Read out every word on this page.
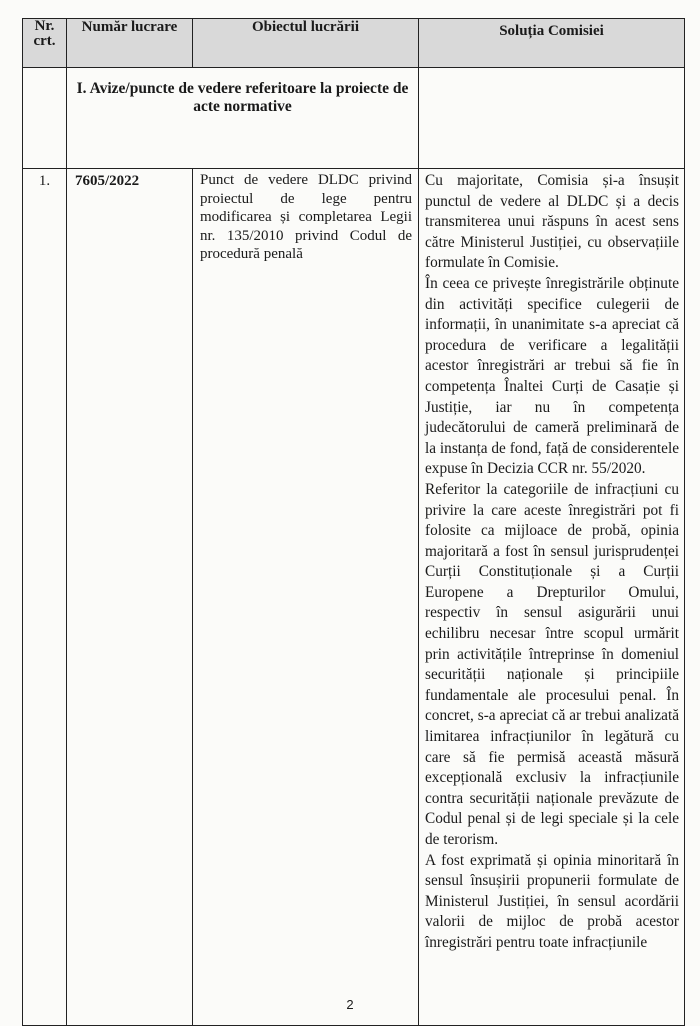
Nr. crt.	Număr lucrare	Obiectul lucrării	Soluția Comisiei
	I. Avize/puncte de vedere referitoare la proiecte de acte normative		
1.	7605/2022	Punct de vedere DLDC privind proiectul de lege pentru modificarea și completarea Legii nr. 135/2010 privind Codul de procedură penală	Cu majoritate, Comisia și-a însușit punctul de vedere al DLDC și a decis transmiterea unui răspuns în acest sens către Ministerul Justiției, cu observațiile formulate în Comisie.

În ceea ce privește înregistrările obținute din activități specifice culegerii de informații, în unanimitate s-a apreciat că procedura de verificare a legalității acestor înregistrări ar trebui să fie în competența Înaltei Curți de Casație și Justiție, iar nu în competența judecătorului de cameră preliminară de la instanța de fond, față de considerentele expuse în Decizia CCR nr. 55/2020.

Referitor la categoriile de infracțiuni cu privire la care aceste înregistrări pot fi folosite ca mijloace de probă, opinia majoritară a fost în sensul jurisprudenței Curții Constituționale și a Curții Europene a Drepturilor Omului, respectiv în sensul asigurării unui echilibru necesar între scopul urmărit prin activitățile întreprinse în domeniul securității naționale și principiile fundamentale ale procesului penal. În concret, s-a apreciat că ar trebui analizată limitarea infracțiunilor în legătură cu care să fie permisă această măsură excepțională exclusiv la infracțiunile contra securității naționale prevăzute de Codul penal și de legi speciale și la cele de terorism.

A fost exprimată și opinia minoritară în sensul însușirii propunerii formulate de Ministerul Justiției, în sensul acordării valorii de mijloc de probă acestor înregistrări pentru toate infracțiunile

2
